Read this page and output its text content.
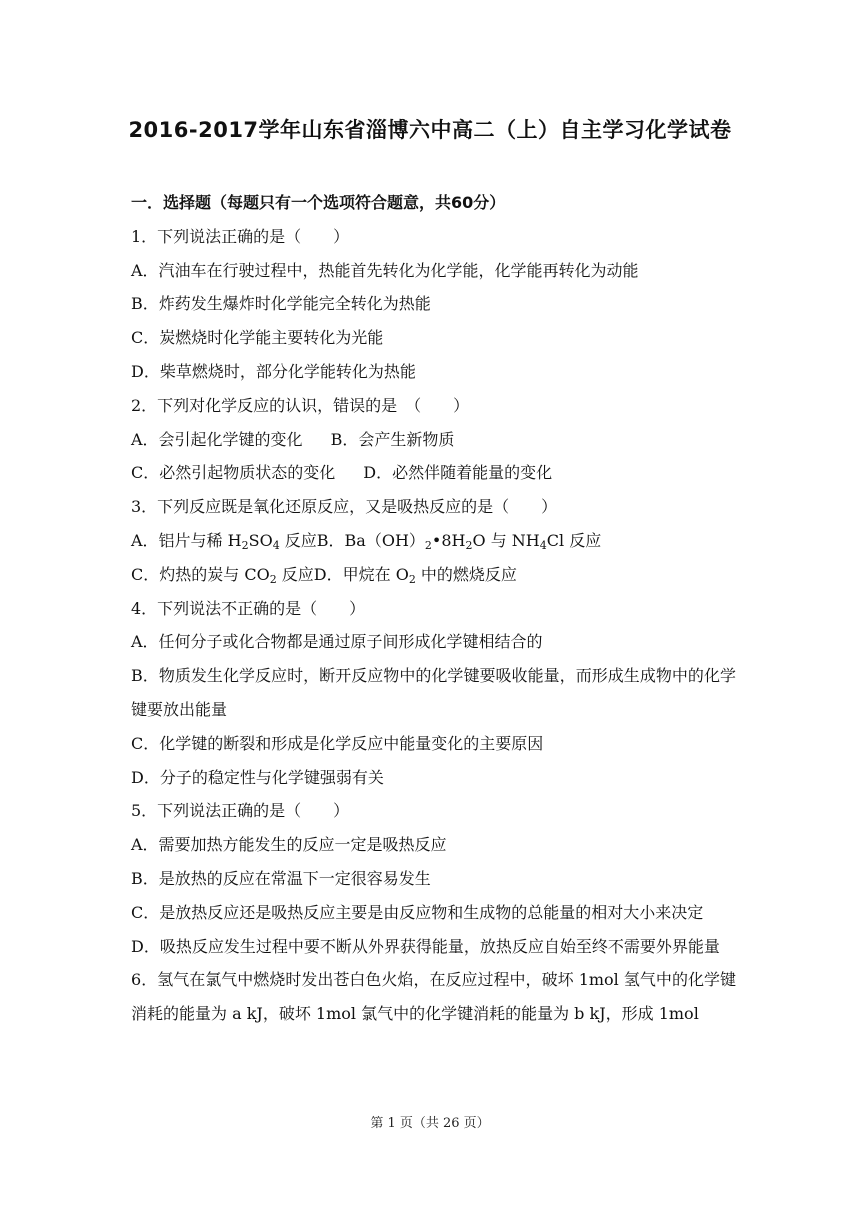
2016-2017学年山东省淄博六中高二（上）自主学习化学试卷
一．选择题（每题只有一个选项符合题意，共60分）
1．下列说法正确的是（　　）
A．汽油车在行驶过程中，热能首先转化为化学能，化学能再转化为动能
B．炸药发生爆炸时化学能完全转化为热能
C．炭燃烧时化学能主要转化为光能
D．柴草燃烧时，部分化学能转化为热能
2．下列对化学反应的认识，错误的是　（　　）
A．会引起化学键的变化 B．会产生新物质
C．必然引起物质状态的变化 D．必然伴随着能量的变化
3．下列反应既是氧化还原反应，又是吸热反应的是（　　）
A．铝片与稀 $H_2SO_4$ 反应B．$Ba(OH)_2•8H_2O$ 与 $NH_4Cl$ 反应
C．灼热的炭与 $CO_2$ 反应D．甲烷在 $O_2$ 中的燃烧反应
4．下列说法不正确的是（　　）
A．任何分子或化合物都是通过原子间形成化学键相结合的
B．物质发生化学反应时，断开反应物中的化学键要吸收能量，而形成生成物中的化学键要放出能量
C．化学键的断裂和形成是化学反应中能量变化的主要原因
D．分子的稳定性与化学键强弱有关
5．下列说法正确的是（　　）
A．需要加热方能发生的反应一定是吸热反应
B．是放热的反应在常温下一定很容易发生
C．是放热反应还是吸热反应主要是由反应物和生成物的总能量的相对大小来决定
D．吸热反应发生过程中要不断从外界获得能量，放热反应自始至终不需要外界能量
6．氢气在氯气中燃烧时发出苍白色火焰，在反应过程中，破坏 1mol 氢气中的化学键消耗的能量为 a kJ，破坏 1mol 氯气中的化学键消耗的能量为 b kJ，形成 1mol
第 1 页（共 26 页）
